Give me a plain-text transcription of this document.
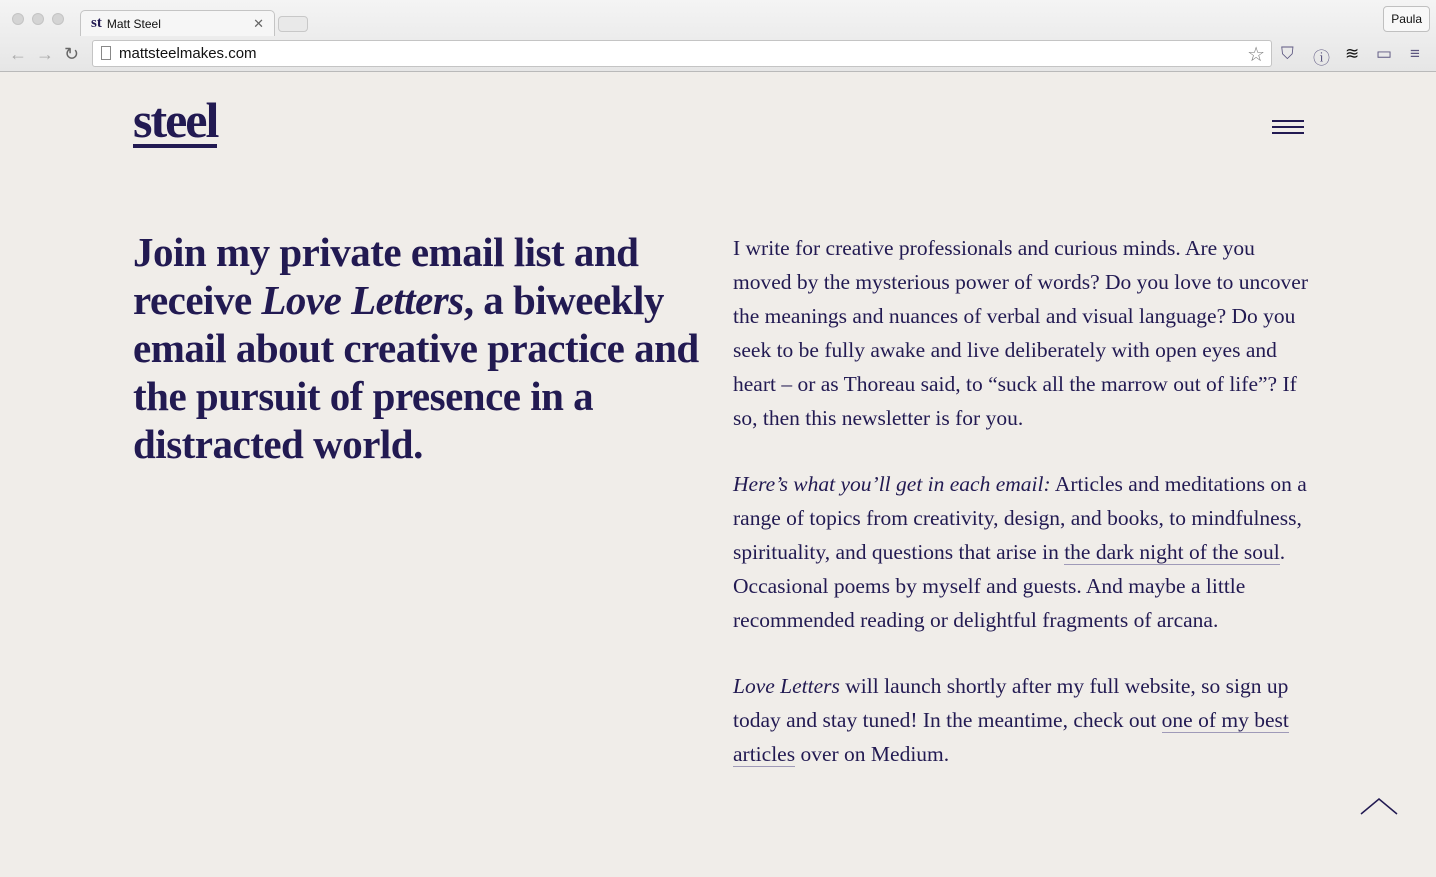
st Matt Steel	✕	Paula
← → ↻	mattsteelmakes.com	☆ ⛉ ⓘ ≋ ▭ ≡
steel
Join my private email list and receive Love Letters, a biweekly email about creative practice and the pursuit of presence in a distracted world.

I write for creative professionals and curious minds. Are you moved by the mysterious power of words? Do you love to uncover the meanings and nuances of verbal and visual language? Do you seek to be fully awake and live deliberately with open eyes and heart – or as Thoreau said, to “suck all the marrow out of life”? If so, then this newsletter is for you.

Here’s what you’ll get in each email: Articles and meditations on a range of topics from creativity, design, and books, to mindfulness, spirituality, and questions that arise in the dark night of the soul. Occasional poems by myself and guests. And maybe a little recommended reading or delightful fragments of arcana.

Love Letters will launch shortly after my full website, so sign up today and stay tuned! In the meantime, check out one of my best articles over on Medium.
